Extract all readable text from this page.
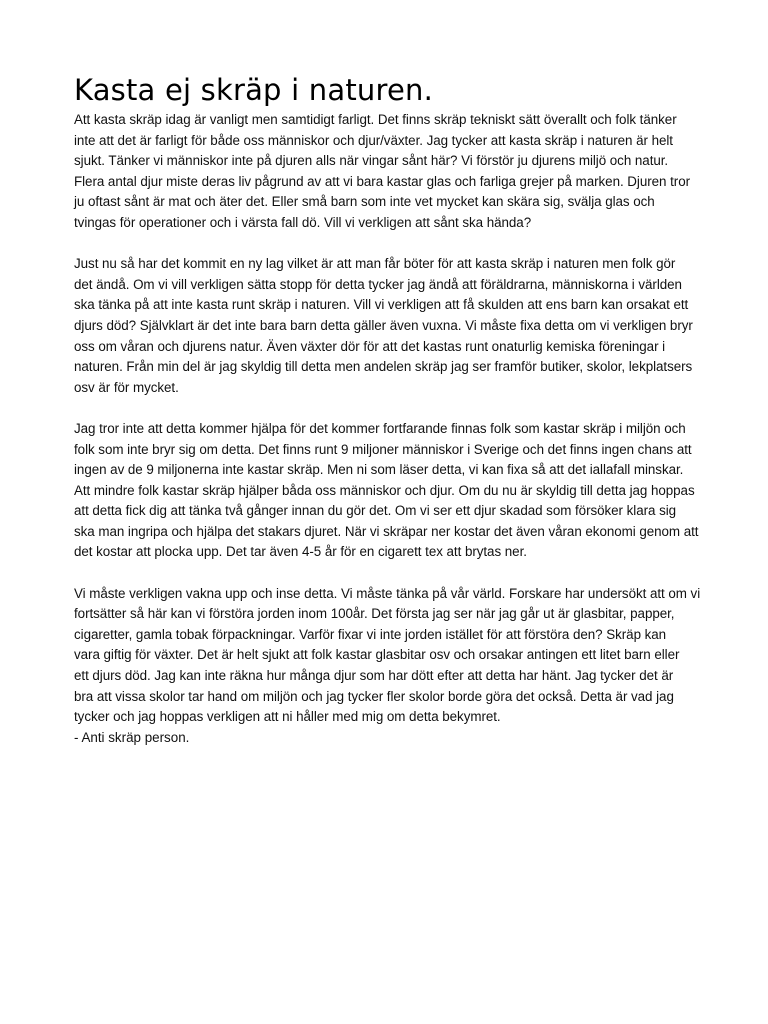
Kasta ej skräp i naturen.
Att kasta skräp idag är vanligt men samtidigt farligt. Det finns skräp tekniskt sätt överallt och folk tänker
inte att det är farligt för både oss människor och djur/växter. Jag tycker att kasta skräp i naturen är helt
sjukt. Tänker vi människor inte på djuren alls när vingar sånt här? Vi förstör ju djurens miljö och natur.
Flera antal djur miste deras liv pågrund av att vi bara kastar glas och farliga grejer på marken. Djuren tror
ju oftast sånt är mat och äter det. Eller små barn som inte vet mycket kan skära sig, svälja glas och
tvingas för operationer och i värsta fall dö. Vill vi verkligen att sånt ska hända?
Just nu så har det kommit en ny lag vilket är att man får böter för att kasta skräp i naturen men folk gör
det ändå. Om vi vill verkligen sätta stopp för detta tycker jag ändå att föräldrarna, människorna i världen
ska tänka på att inte kasta runt skräp i naturen. Vill vi verkligen att få skulden att ens barn kan orsakat ett
djurs död? Självklart är det inte bara barn detta gäller även vuxna. Vi måste fixa detta om vi verkligen bryr
oss om våran och djurens natur. Även växter dör för att det kastas runt onaturlig kemiska föreningar i
naturen. Från min del är jag skyldig till detta men andelen skräp jag ser framför butiker, skolor, lekplatsers
osv är för mycket.
Jag tror inte att detta kommer hjälpa för det kommer fortfarande finnas folk som kastar skräp i miljön och
folk som inte bryr sig om detta. Det finns runt 9 miljoner människor i Sverige och det finns ingen chans att
ingen av de 9 miljonerna inte kastar skräp. Men ni som läser detta, vi kan fixa så att det iallafall minskar.
Att mindre folk kastar skräp hjälper båda oss människor och djur. Om du nu är skyldig till detta jag hoppas
att detta fick dig att tänka två gånger innan du gör det. Om vi ser ett djur skadad som försöker klara sig
ska man ingripa och hjälpa det stakars djuret. När vi skräpar ner kostar det även våran ekonomi genom att
det kostar att plocka upp. Det tar även 4-5 år för en cigarett tex att brytas ner.
Vi måste verkligen vakna upp och inse detta. Vi måste tänka på vår värld. Forskare har undersökt att om vi
fortsätter så här kan vi förstöra jorden inom 100år. Det första jag ser när jag går ut är glasbitar, papper,
cigaretter, gamla tobak förpackningar. Varför fixar vi inte jorden istället för att förstöra den? Skräp kan
vara giftig för växter. Det är helt sjukt att folk kastar glasbitar osv och orsakar antingen ett litet barn eller
ett djurs död. Jag kan inte räkna hur många djur som har dött efter att detta har hänt. Jag tycker det är
bra att vissa skolor tar hand om miljön och jag tycker fler skolor borde göra det också. Detta är vad jag
tycker och jag hoppas verkligen att ni håller med mig om detta bekymret.

- Anti skräp person.
